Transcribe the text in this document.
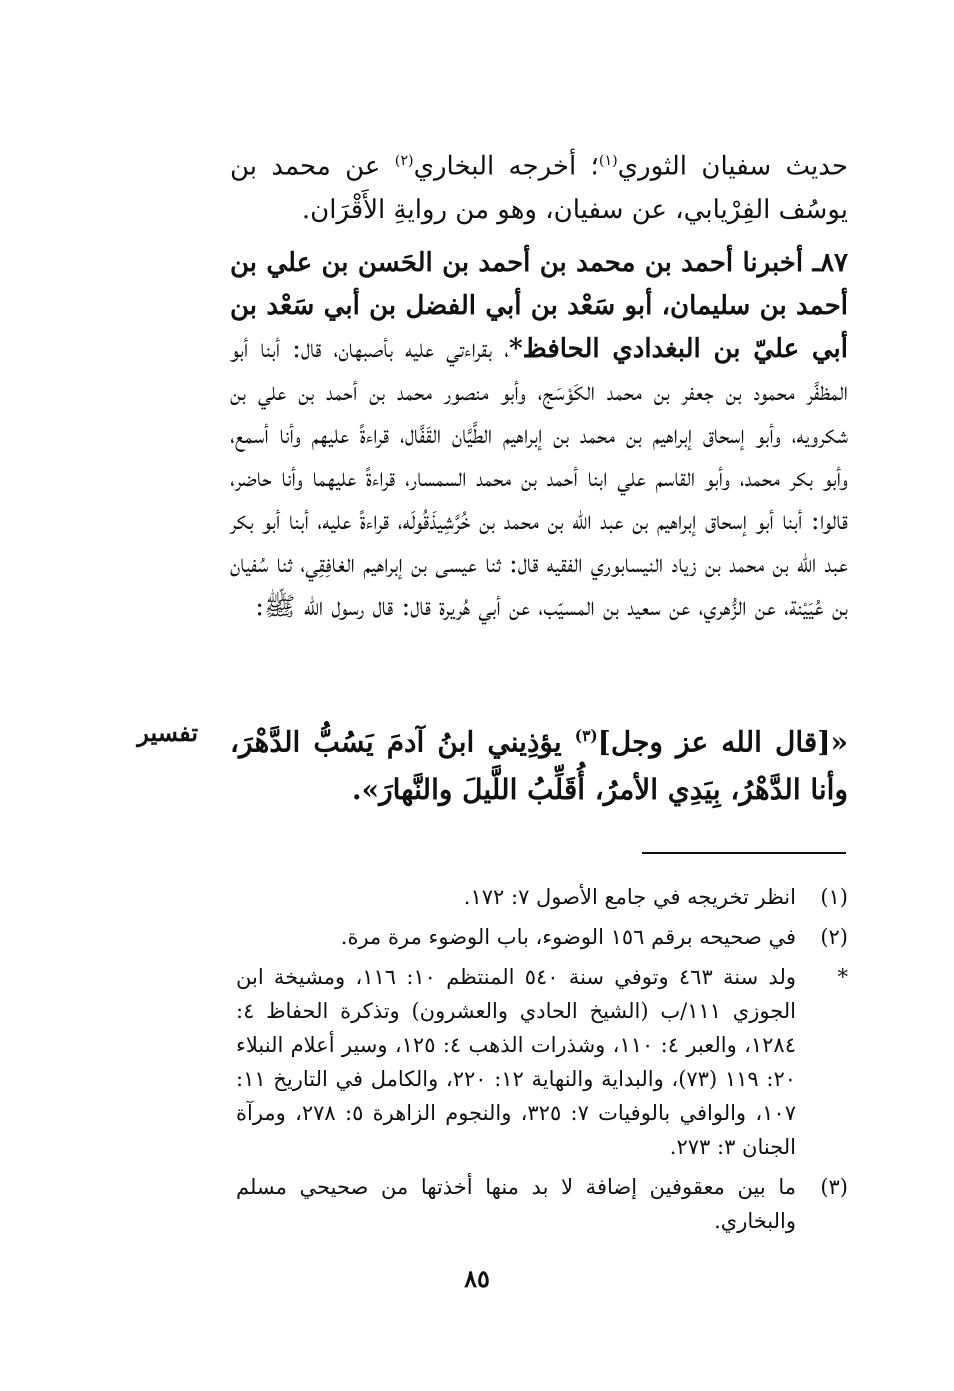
حديث سفيان الثوري$^{(١)}$؛ أخرجه البخاري$^{(٢)}$ عن محمد بن يوسُف الفِرْيابي، عن سفيان، وهو من روايةِ الأَقْرَان.

٨٧ـ أخبرنا أحمد بن محمد بن أحمد بن الحَسن بن علي بن أحمد بن سليمان، أبو سَعْد بن أبي الفضل بن أبي سَعْد بن أبي عليّ بن البغدادي الحافظ*، بقراءتي عليه بأصبهان، قال: أبنا أبو المظفَّر محمود بن جعفر بن محمد الكَوْسَج، وأبو منصور محمد بن أحمد بن علي بن شكرويه، وأبو إسحاق إبراهيم بن محمد بن إبراهيم الطَّيَّان القَفَّال، قراءةً عليهم وأنا أسمع، وأبو بكر محمد، وأبو القاسم علي ابنا أحمد بن محمد السمسار، قراءةً عليهما وأنا حاضر، قالوا: أبنا أبو إسحاق إبراهيم بن عبد الله بن محمد بن خُرَّشِيذَقُولَه، قراءةً عليه، أبنا أبو بكر عبد الله بن محمد بن زياد النيسابوري الفقيه قال: ثنا عيسى بن إبراهيم الغافِقِي، ثنا سُفيان بن عُيَيْنة، عن الزُّهري، عن سعيد بن المسيّب، عن أبي هُريرة قال: قال رسول الله ﷺ:

«[قال الله عز وجل]$^{(٣)}$ يؤذِيني ابنُ آدمَ يَسُبُّ الدَّهْرَ، وأنا الدَّهْرُ، بِيَدِي الأمرُ، أُقَلِّبُ اللَّيلَ والنَّهارَ».

تفسير
(١)
انظر تخريجه في جامع الأصول ٧: ١٧٢.
(٢)
في صحيحه برقم ١٥٦ الوضوء، باب الوضوء مرة مرة.
*
ولد سنة ٤٦٣ وتوفي سنة ٥٤٠ المنتظم ١٠: ١١٦، ومشيخة ابن الجوزي ١١١/ب (الشيخ الحادي والعشرون) وتذكرة الحفاظ ٤: ١٢٨٤، والعبر ٤: ١١٠، وشذرات الذهب ٤: ١٢٥، وسير أعلام النبلاء ٢٠: ١١٩ (٧٣)، والبداية والنهاية ١٢: ٢٢٠، والكامل في التاريخ ١١: ١٠٧، والوافي بالوفيات ٧: ٣٢٥، والنجوم الزاهرة ٥: ٢٧٨، ومرآة الجنان ٣: ٢٧٣.
(٣)
ما بين معقوفين إضافة لا بد منها أخذتها من صحيحي مسلم والبخاري.
٨٥
